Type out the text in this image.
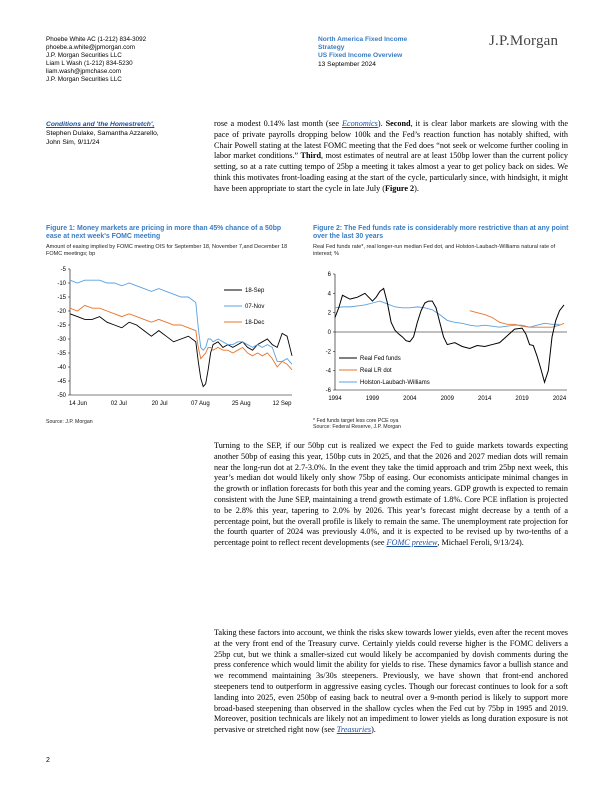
Phoebe White AC (1-212) 834-3092
phoebe.a.white@jpmorgan.com
J.P. Morgan Securities LLC
Liam L Wash (1-212) 834-5230
liam.wash@jpmchase.com
J.P. Morgan Securities LLC
North America Fixed Income
Strategy
US Fixed Income Overview
13 September 2024
J.P.Morgan
Conditions and 'the Homestretch',
Stephen Dulake, Samantha Azzarello,
John Sim, 9/11/24
rose a modest 0.14% last month (see Economics). Second, it is clear labor markets are slowing with the pace of private payrolls dropping below 100k and the Fed’s reaction function has notably shifted, with Chair Powell stating at the latest FOMC meeting that the Fed does “not seek or welcome further cooling in labor market conditions.” Third, most estimates of neutral are at least 150bp lower than the current policy setting, so at a rate cutting tempo of 25bp a meeting it takes almost a year to get policy back on sides. We think this motivates front-loading easing at the start of the cycle, particularly since, with hindsight, it might have been appropriate to start the cycle in late July (Figure 2).
Figure 1: Money markets are pricing in more than 45% chance of a 50bp ease at next week's FOMC meeting
Amount of easing implied by FOMC meeting OIS for September 18, November 7,and December 18 FOMC meetings; bp
Figure 2: The Fed funds rate is considerably more restrictive than at any point over the last 30 years
Real Fed funds rate*, real longer-run median Fed dot, and Holston-Laubach-Williams natural rate of interest; %
-5
-10
-15
-20
-25
-30
-35
-40
-45
-50
14 Jun	02 Jul	20 Jul	07 Aug	25 Aug	12 Sep
18-Sep
07-Nov
18-Dec
6
4
2
0
-2
-4
-6
1994	1999	2004	2009	2014	2019	2024
Real Fed funds
Real LR dot
Holston-Laubach-Williams
Source: J.P. Morgan	* Fed funds target less core PCE oya
Source: Federal Reserve, J.P. Morgan
Turning to the SEP, if our 50bp cut is realized we expect the Fed to guide markets towards expecting another 50bp of easing this year, 150bp cuts in 2025, and that the 2026 and 2027 median dots will remain near the long-run dot at 2.7-3.0%. In the event they take the timid approach and trim 25bp next week, this year’s median dot would likely only show 75bp of easing. Our economists anticipate minimal changes in the growth or inflation forecasts for both this year and the coming years. GDP growth is expected to remain consistent with the June SEP, maintaining a trend growth estimate of 1.8%. Core PCE inflation is projected to be 2.8% this year, tapering to 2.0% by 2026. This year’s forecast might decrease by a tenth of a percentage point, but the overall profile is likely to remain the same. The unemployment rate projection for the fourth quarter of 2024 was previously 4.0%, and it is expected to be revised up by two-tenths of a percentage point to reflect recent developments (see FOMC preview, Michael Feroli, 9/13/24).
Taking these factors into account, we think the risks skew towards lower yields, even after the recent moves at the very front end of the Treasury curve. Certainly yields could reverse higher is the FOMC delivers a 25bp cut, but we think a smaller-sized cut would likely be accompanied by dovish comments during the press conference which would limit the ability for yields to rise. These dynamics favor a bullish stance and we recommend maintaining 3s/30s steepeners. Previously, we have shown that front-end anchored steepeners tend to outperform in aggressive easing cycles. Though our forecast continues to look for a soft landing into 2025, even 250bp of easing back to neutral over a 9-month period is likely to support more broad-based steepening than observed in the shallow cycles when the Fed cut by 75bp in 1995 and 2019. Moreover, position technicals are likely not an impediment to lower yields as long duration exposure is not pervasive or stretched right now (see Treasuries).
2
